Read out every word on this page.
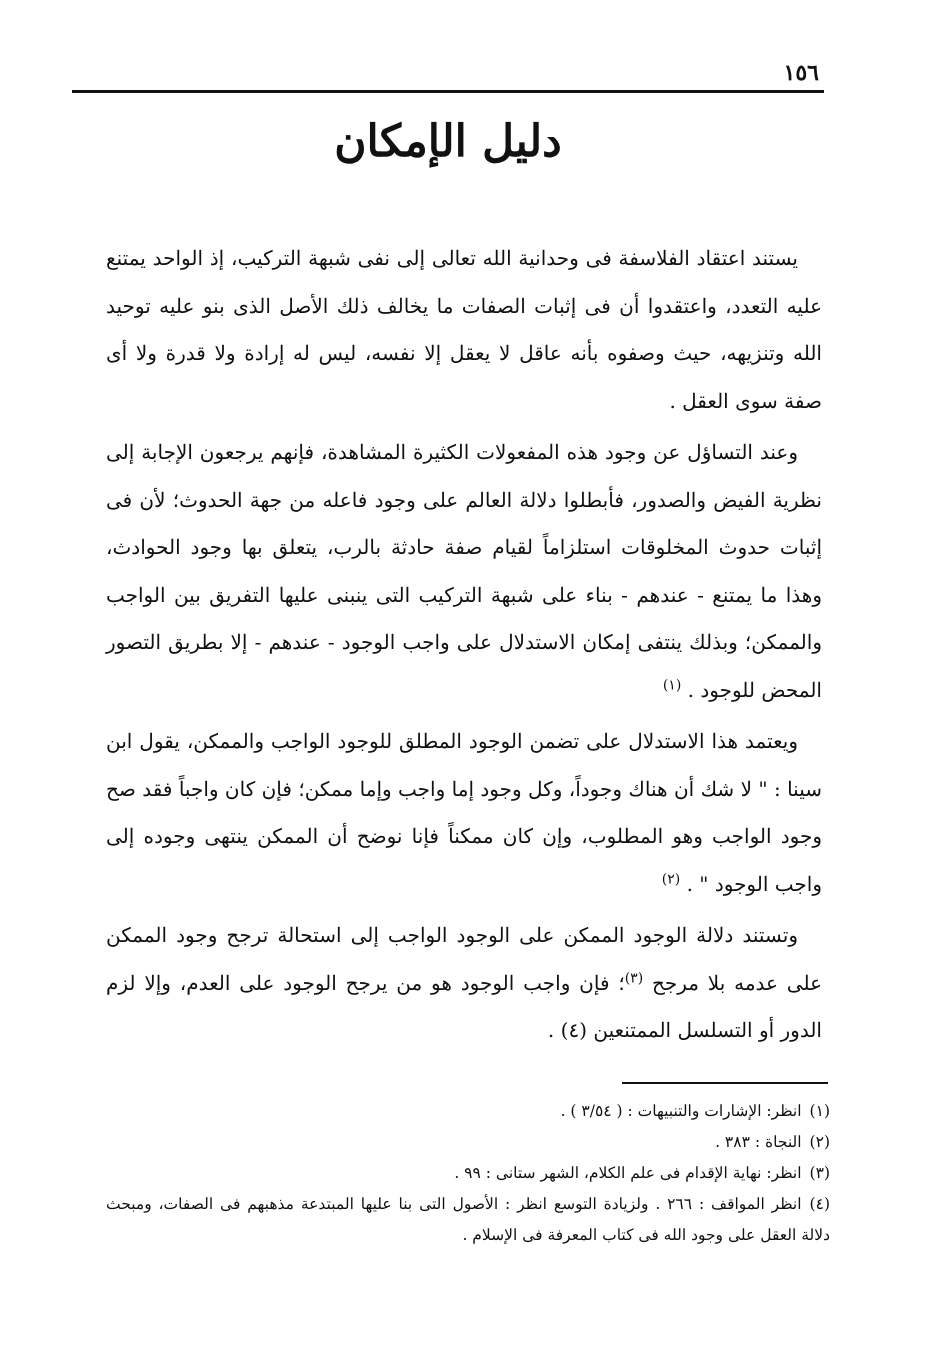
١٥٦
دليل الإمكان

يستند اعتقاد الفلاسفة فى وحدانية الله تعالى إلى نفى شبهة التركيب، إذ الواحد يمتنع عليه التعدد، واعتقدوا أن فى إثبات الصفات ما يخالف ذلك الأصل الذى بنو عليه توحيد الله وتنزيهه، حيث وصفوه بأنه عاقل لا يعقل إلا نفسه، ليس له إرادة ولا قدرة ولا أى صفة سوى العقل .

وعند التساؤل عن وجود هذه المفعولات الكثيرة المشاهدة، فإنهم يرجعون الإجابة إلى نظرية الفيض والصدور، فأبطلوا دلالة العالم على وجود فاعله من جهة الحدوث؛ لأن فى إثبات حدوث المخلوقات استلزاماً لقيام صفة حادثة بالرب، يتعلق بها وجود الحوادث، وهذا ما يمتنع - عندهم - بناء على شبهة التركيب التى ينبنى عليها التفريق بين الواجب والممكن؛ وبذلك ينتفى إمكان الاستدلال على واجب الوجود - عندهم - إلا بطريق التصور المحض للوجود . $^{(١)}$

ويعتمد هذا الاستدلال على تضمن الوجود المطلق للوجود الواجب والممكن، يقول ابن سينا : " لا شك أن هناك وجوداً، وكل وجود إما واجب وإما ممكن؛ فإن كان واجباً فقد صح وجود الواجب وهو المطلوب، وإن كان ممكناً فإنا نوضح أن الممكن ينتهى وجوده إلى واجب الوجود " . $^{(٢)}$

وتستند دلالة الوجود الممكن على الوجود الواجب إلى استحالة ترجح وجود الممكن على عدمه بلا مرجح $^{(٣)}$؛ فإن واجب الوجود هو من يرجح الوجود على العدم، وإلا لزم الدور أو التسلسل الممتنعين (٤) .

(١)انظر: الإشارات والتنبيهات : ( ٣/٥٤ ) .

(٢)النجاة : ٣٨٣ .

(٣)انظر: نهاية الإقدام فى علم الكلام، الشهر ستانى : ٩٩ .

(٤)انظر المواقف : ٢٦٦ . ولزيادة التوسع انظر : الأصول التى بنا عليها المبتدعة مذهبهم فى الصفات، ومبحث دلالة العقل على وجود الله فى كتاب المعرفة فى الإسلام .
